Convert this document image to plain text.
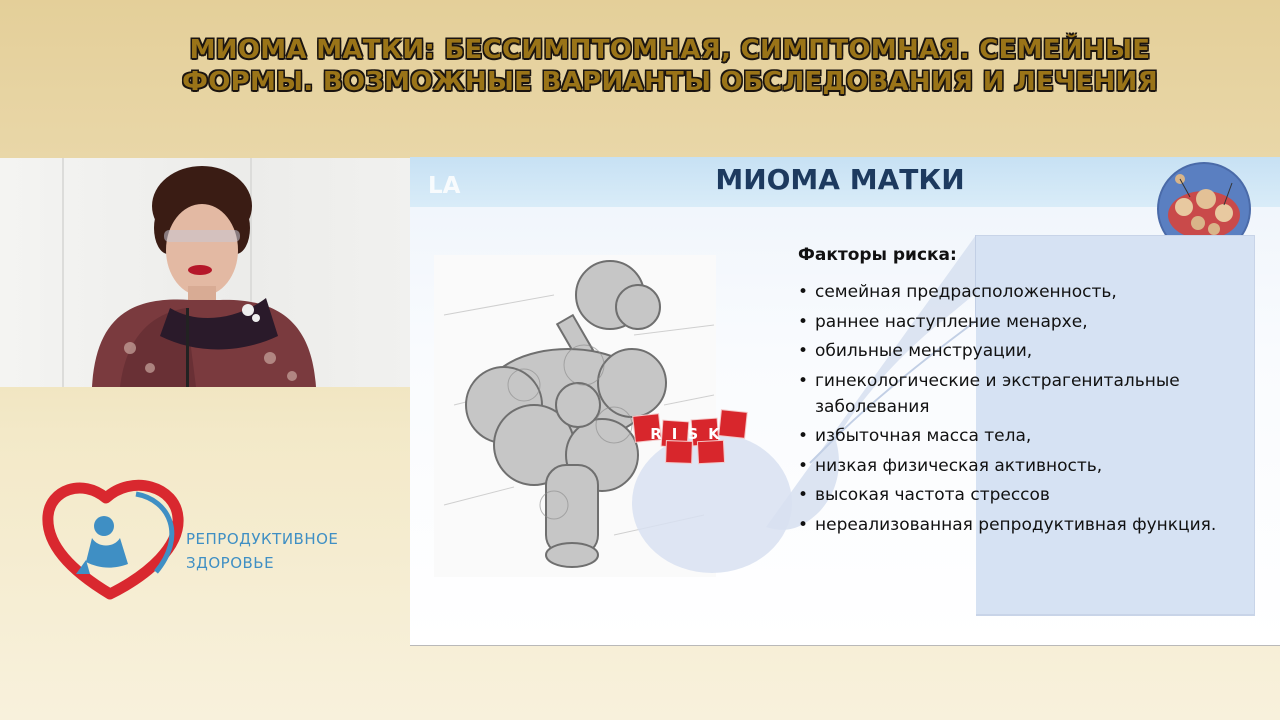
МИОМА МАТКИ: БЕССИМПТОМНАЯ, СИМПТОМНАЯ. СЕМЕЙНЫЕ
ФОРМЫ. ВОЗМОЖНЫЕ ВАРИАНТЫ ОБСЛЕДОВАНИЯ И ЛЕЧЕНИЯ

РЕПРОДУКТИВНОЕ
ЗДОРОВЬЕ

LA	МИОМА МАТКИ
RISK
Факторы риска:
• семейная предрасположенность,
• раннее наступление менархе,
• обильные менструации,
• гинекологические и экстрагенитальные заболевания
• избыточная масса тела,
• низкая физическая активность,
• высокая частота стрессов
• нереализованная репродуктивная функция.
